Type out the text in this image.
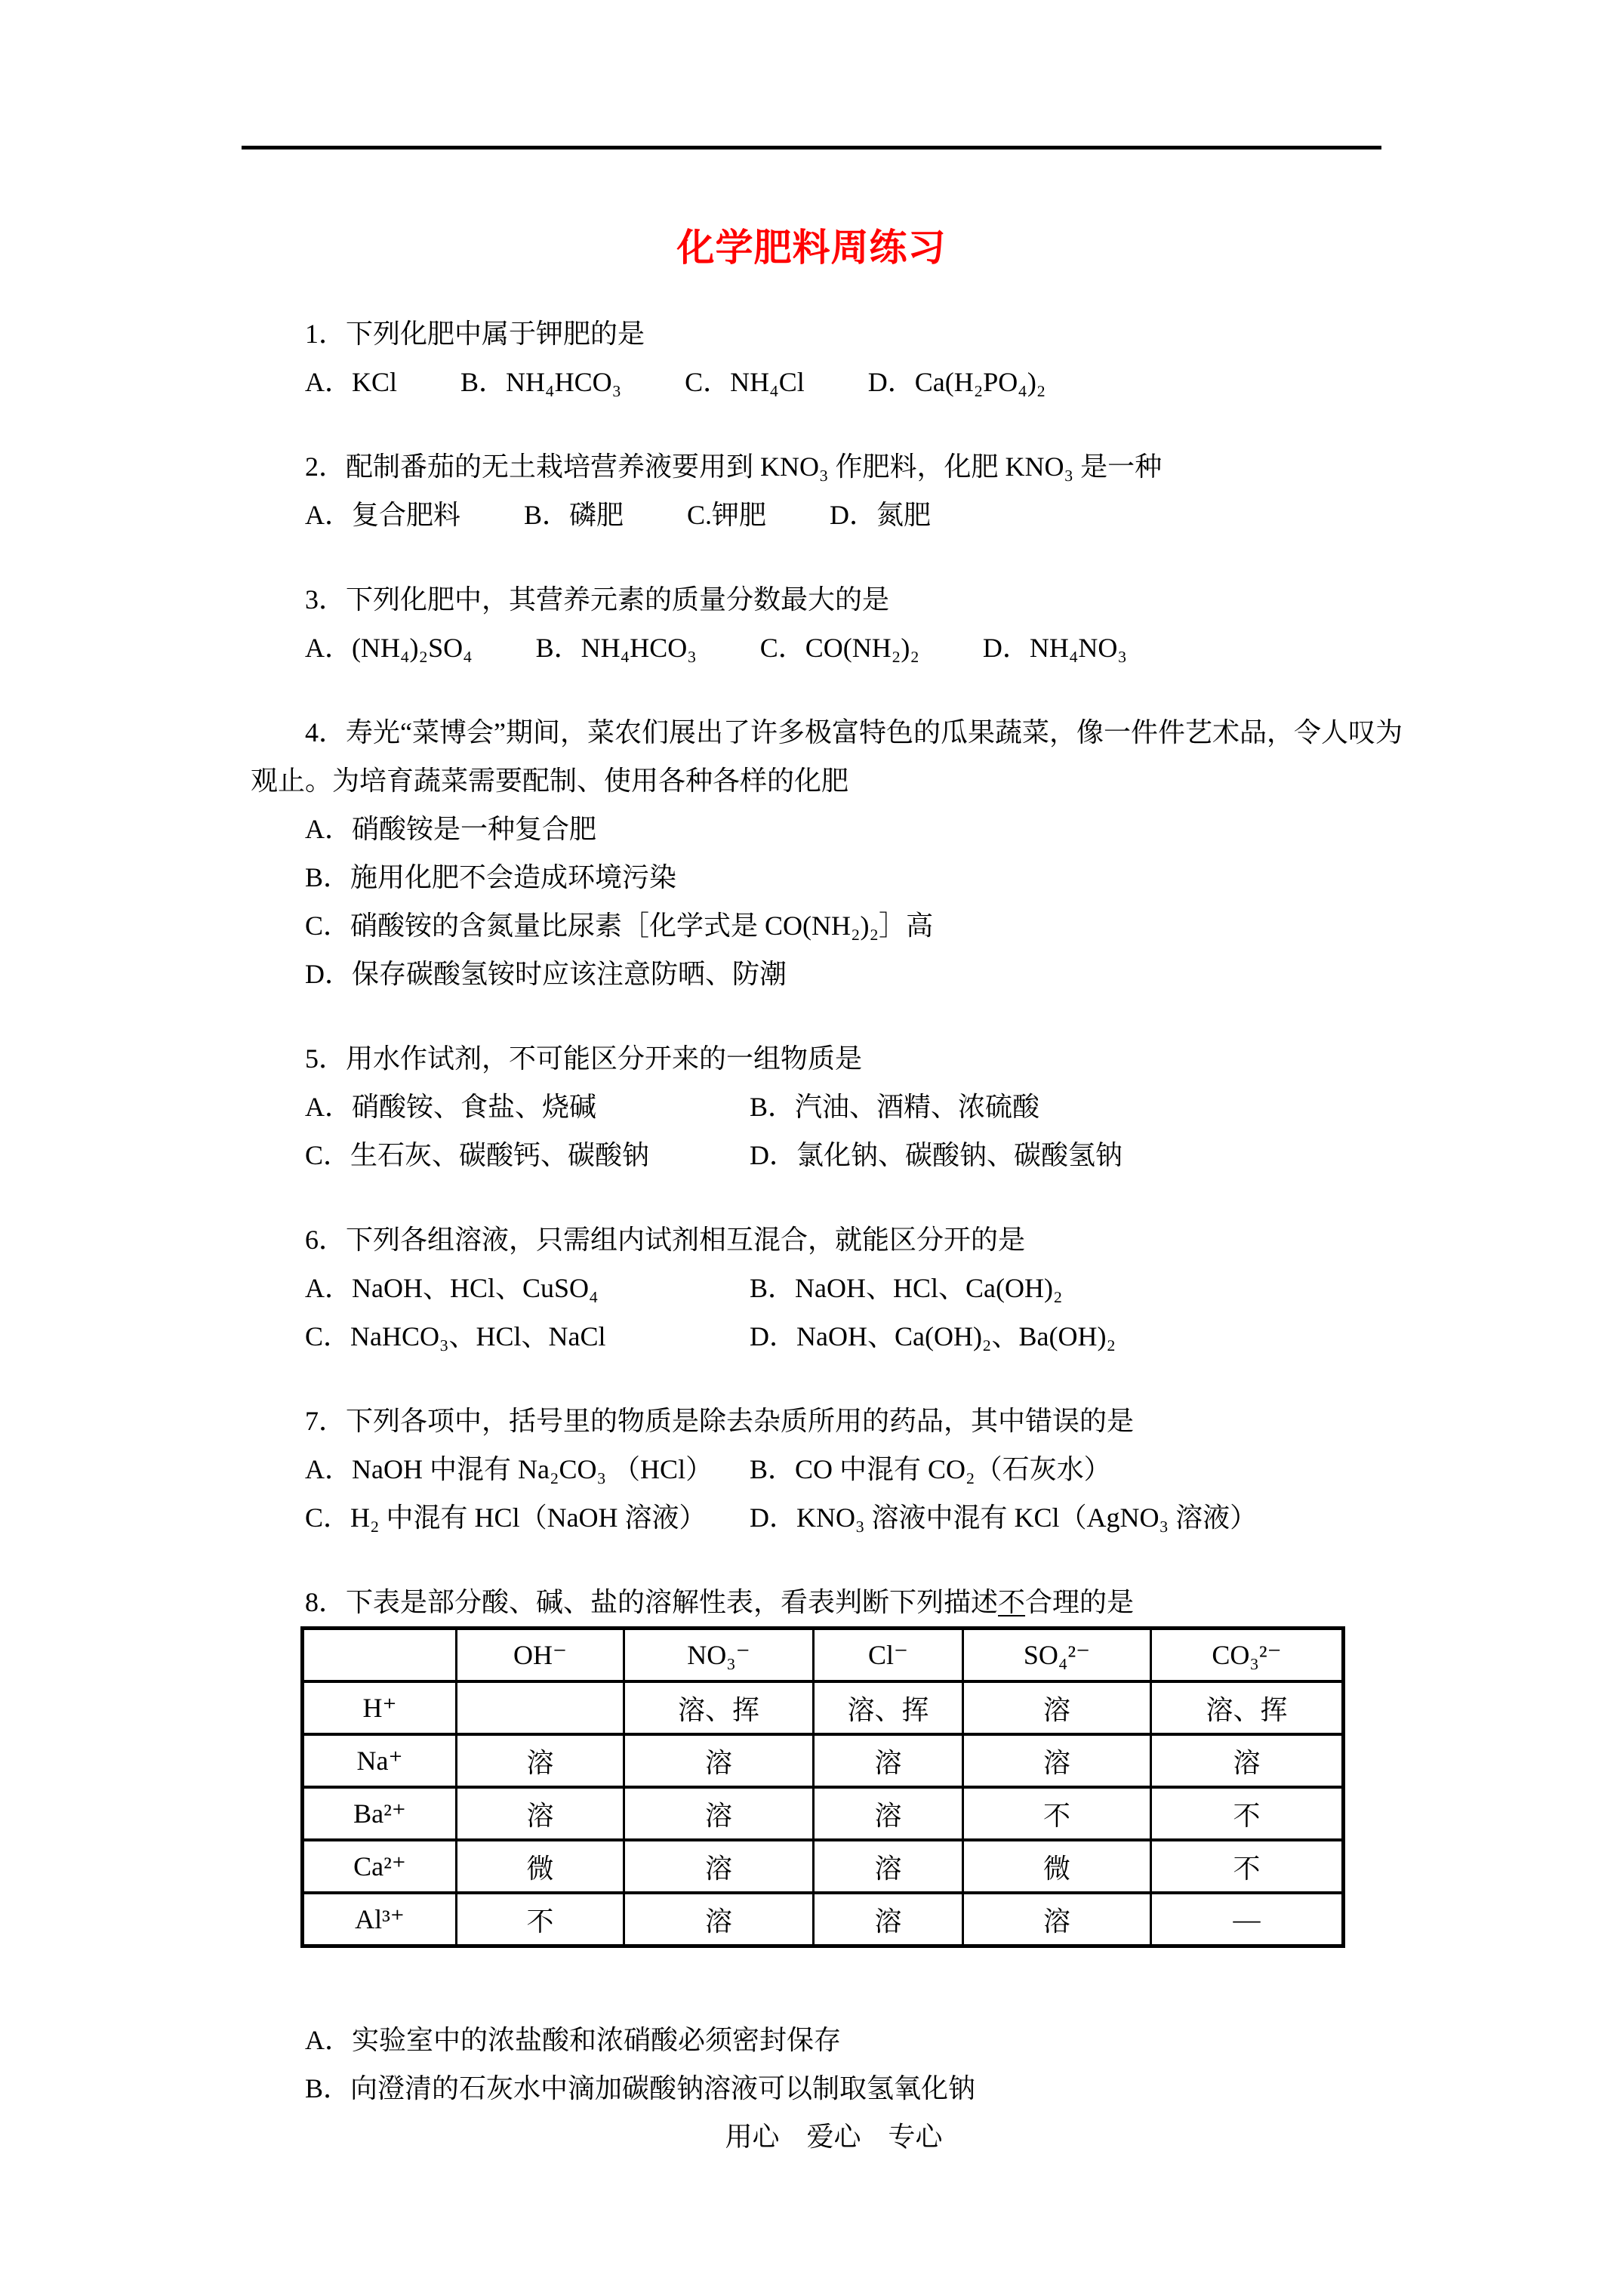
化学肥料周练习

1．下列化肥中属于钾肥的是

A．KCl B．NH₄HCO₃ C．NH₄Cl D．Ca(H₂PO₄)₂

2．配制番茄的无土栽培营养液要用到 KNO₃ 作肥料，化肥 KNO₃ 是一种

A．复合肥料 B．磷肥 C.钾肥 D．氮肥

3．下列化肥中，其营养元素的质量分数最大的是

A．(NH₄)₂SO₄ B．NH₄HCO₃ C．CO(NH₂)₂ D．NH₄NO₃

4．寿光“菜博会”期间，菜农们展出了许多极富特色的瓜果蔬菜，像一件件艺术品，令人叹为观止。为培育蔬菜需要配制、使用各种各样的化肥

A．硝酸铵是一种复合肥

B．施用化肥不会造成环境污染

C．硝酸铵的含氮量比尿素［化学式是 CO(NH₂)₂］高

D．保存碳酸氢铵时应该注意防晒、防潮

5．用水作试剂，不可能区分开来的一组物质是

A．硝酸铵、食盐、烧碱	B．汽油、酒精、浓硫酸

C．生石灰、碳酸钙、碳酸钠	D．氯化钠、碳酸钠、碳酸氢钠

6．下列各组溶液，只需组内试剂相互混合，就能区分开的是

A．NaOH、HCl、CuSO₄	B．NaOH、HCl、Ca(OH)₂

C．NaHCO₃、HCl、NaCl	D．NaOH、Ca(OH)₂、Ba(OH)₂

7．下列各项中，括号里的物质是除去杂质所用的药品，其中错误的是

A．NaOH 中混有 Na₂CO₃ （HCl） B．CO 中混有 CO₂（石灰水）

C．H₂ 中混有 HCl（NaOH 溶液） D．KNO₃ 溶液中混有 KCl（AgNO₃ 溶液）

8．下表是部分酸、碱、盐的溶解性表，看表判断下列描述不合理的是

	OH⁻	NO₃⁻	Cl⁻	SO₄²⁻	CO₃²⁻
H⁺		溶、挥	溶、挥	溶	溶、挥
Na⁺	溶	溶	溶	溶	溶
Ba²⁺	溶	溶	溶	不	不
Ca²⁺	微	溶	溶	微	不
Al³⁺	不	溶	溶	溶	—

A．实验室中的浓盐酸和浓硝酸必须密封保存

B．向澄清的石灰水中滴加碳酸钠溶液可以制取氢氧化钠

用心　爱心　专心
